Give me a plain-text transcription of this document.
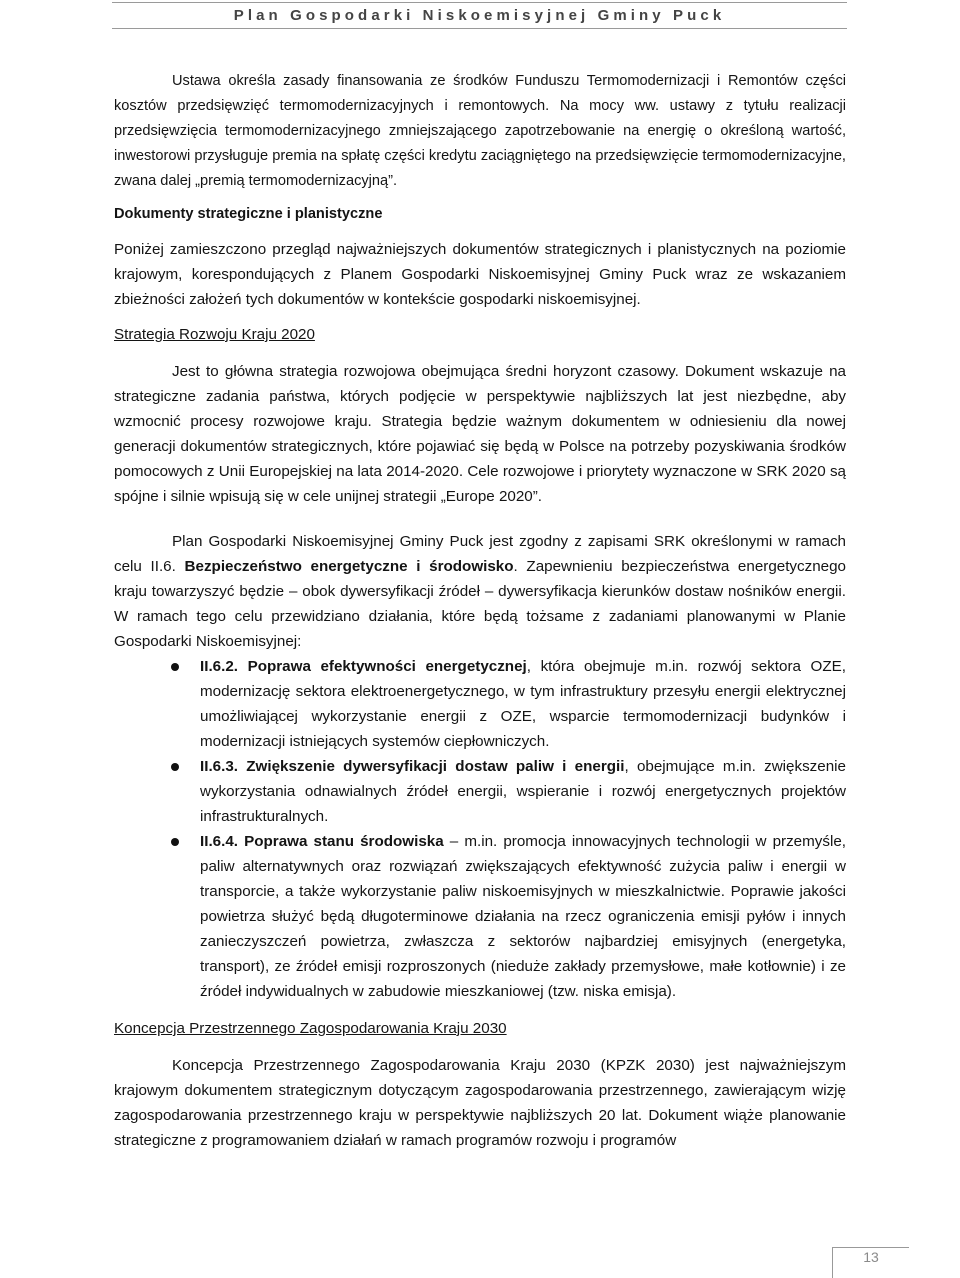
Plan Gospodarki Niskoemisyjnej Gminy Puck

Ustawa określa zasady finansowania ze środków Funduszu Termomodernizacji i Remontów części kosztów przedsięwzięć termomodernizacyjnych i remontowych. Na mocy ww. ustawy z tytułu realizacji przedsięwzięcia termomodernizacyjnego zmniejszającego zapotrzebowanie na energię o określoną wartość, inwestorowi przysługuje premia na spłatę części kredytu zaciągniętego na przedsięwzięcie termomodernizacyjne, zwana dalej „premią termomodernizacyjną”.

Dokumenty strategiczne i planistyczne

Poniżej zamieszczono przegląd najważniejszych dokumentów strategicznych i planistycznych na poziomie krajowym, korespondujących z Planem Gospodarki Niskoemisyjnej Gminy Puck wraz ze wskazaniem zbieżności założeń tych dokumentów w kontekście gospodarki niskoemisyjnej.

Strategia Rozwoju Kraju 2020

Jest to główna strategia rozwojowa obejmująca średni horyzont czasowy. Dokument wskazuje na strategiczne zadania państwa, których podjęcie w perspektywie najbliższych lat jest niezbędne, aby wzmocnić procesy rozwojowe kraju. Strategia będzie ważnym dokumentem w odniesieniu dla nowej generacji dokumentów strategicznych, które pojawiać się będą w Polsce na potrzeby pozyskiwania środków pomocowych z Unii Europejskiej na lata 2014-2020. Cele rozwojowe i priorytety wyznaczone w SRK 2020 są spójne i silnie wpisują się w cele unijnej strategii „Europe 2020”.

Plan Gospodarki Niskoemisyjnej Gminy Puck jest zgodny z zapisami SRK określonymi w ramach celu II.6. Bezpieczeństwo energetyczne i środowisko. Zapewnieniu bezpieczeństwa energetycznego kraju towarzyszyć będzie – obok dywersyfikacji źródeł – dywersyfikacja kierunków dostaw nośników energii. W ramach tego celu przewidziano działania, które będą tożsame z zadaniami planowanymi w Planie Gospodarki Niskoemisyjnej:

II.6.2. Poprawa efektywności energetycznej, która obejmuje m.in. rozwój sektora OZE, modernizację sektora elektroenergetycznego, w tym infrastruktury przesyłu energii elektrycznej umożliwiającej wykorzystanie energii z OZE, wsparcie termomodernizacji budynków i modernizacji istniejących systemów ciepłowniczych.
II.6.3. Zwiększenie dywersyfikacji dostaw paliw i energii, obejmujące m.in. zwiększenie wykorzystania odnawialnych źródeł energii, wspieranie i rozwój energetycznych projektów infrastrukturalnych.
II.6.4. Poprawa stanu środowiska – m.in. promocja innowacyjnych technologii w przemyśle, paliw alternatywnych oraz rozwiązań zwiększających efektywność zużycia paliw i energii w transporcie, a także wykorzystanie paliw niskoemisyjnych w mieszkalnictwie. Poprawie jakości powietrza służyć będą długoterminowe działania na rzecz ograniczenia emisji pyłów i innych zanieczyszczeń powietrza, zwłaszcza z sektorów najbardziej emisyjnych (energetyka, transport), ze źródeł emisji rozproszonych (nieduże zakłady przemysłowe, małe kotłownie) i ze źródeł indywidualnych w zabudowie mieszkaniowej (tzw. niska emisja).

Koncepcja Przestrzennego Zagospodarowania Kraju 2030

Koncepcja Przestrzennego Zagospodarowania Kraju 2030 (KPZK 2030) jest najważniejszym krajowym dokumentem strategicznym dotyczącym zagospodarowania przestrzennego, zawierającym wizję zagospodarowania przestrzennego kraju w perspektywie najbliższych 20 lat. Dokument wiąże planowanie strategiczne z programowaniem działań w ramach programów rozwoju i programów

13
